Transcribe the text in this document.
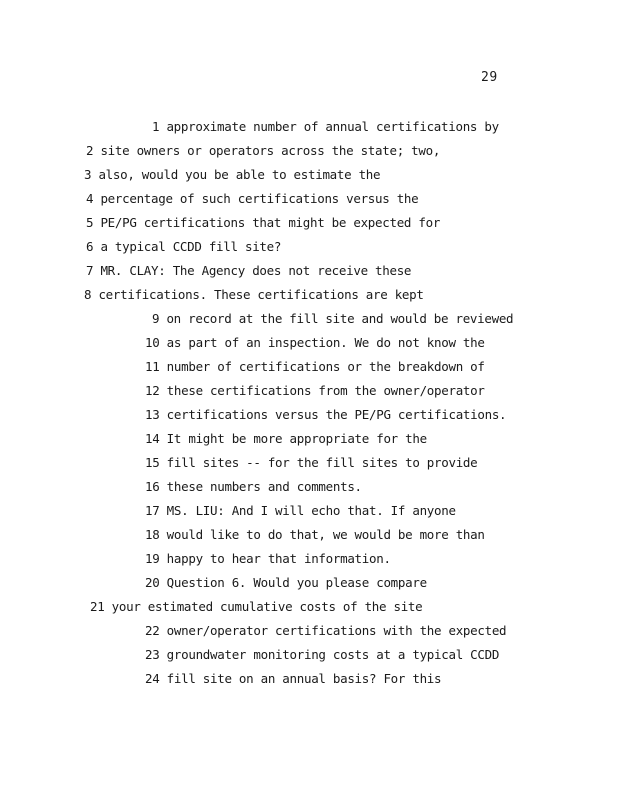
29
1 approximate number of annual certifications by
2 site owners or operators across the state; two,
3 also, would you be able to estimate the
4 percentage of such certifications versus the
5 PE/PG certifications that might be expected for
6 a typical CCDD fill site?
7 MR. CLAY: The Agency does not receive these
8 certifications. These certifications are kept
9 on record at the fill site and would be reviewed
10 as part of an inspection. We do not know the
11 number of certifications or the breakdown of
12 these certifications from the owner/operator
13 certifications versus the PE/PG certifications.
14 It might be more appropriate for the
15 fill sites -- for the fill sites to provide
16 these numbers and comments.
17 MS. LIU: And I will echo that. If anyone
18 would like to do that, we would be more than
19 happy to hear that information.
20 Question 6. Would you please compare
21 your estimated cumulative costs of the site
22 owner/operator certifications with the expected
23 groundwater monitoring costs at a typical CCDD
24 fill site on an annual basis? For this
